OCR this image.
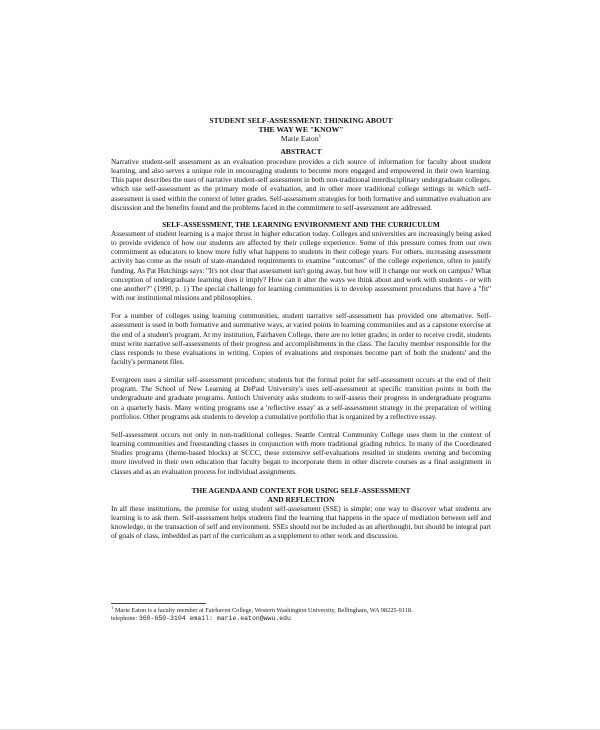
STUDENT SELF-ASSESSMENT: THINKING ABOUT
THE WAY WE "KNOW"
Marie Eaton$^1$
ABSTRACT

Narrative student-self assessment as an evaluation procedure provides a rich source of information for faculty about student learning, and also serves a unique role in encouraging students to become more engaged and empowered in their own learning. This paper describes the uses of narrative student-self assessment in both non-traditional interdisciplinary undergraduate colleges, which use self-assessment as the primary mode of evaluation, and in other more traditional college settings in which self-assessment is used within the context of letter grades. Self-assessment strategies for both formative and summative evaluation are discussion and the benefits found and the problems faced in the commitment to self-assessment are addressed.

SELF-ASSESSMENT, THE LEARNING ENVIRONMENT AND THE CURRICULUM

Assessment of student learning is a major thrust in higher education today. Colleges and universities are increasingly being asked to provide evidence of how our students are affected by their college experience. Some of this pressure comes from our own commitment as educators to know more fully what happens to students in their college years. For others, increasing assessment activity has come as the result of state-mandated requirements to examine "outcomes" of the college experience, often to justify funding. As Pat Hutchings says: "It's not clear that assessment isn't going away, but how will it change our work on campus? What conception of undergraduate learning does it imply? How can it alter the ways we think about and work with students - or with one another?" (1990, p. 1) The special challenge for learning communities is to develop assessment procedures that have a "fit" with our institutional missions and philosophies.

For a number of colleges using learning communities, student narrative self-assessment has provided one alternative. Self-assessment is used in both formative and summative ways, at varied points in learning communities and as a capstone exercise at the end of a student's program. At my institution, Fairhaven College, there are no letter grades; in order to receive credit, students must write narrative self-assessments of their progress and accomplishments in the class. The faculty member responsible for the class responds to these evaluations in writing. Copies of evaluations and responses become part of both the students' and the faculty's permanent files.

Evergreen uses a similar self-assessment procedure; students but the formal point for self-assessment occurs at the end of their program. The School of New Learning at DePaul University's uses self-assessment at specific transition points in both the undergraduate and graduate programs. Antioch University asks students to self-assess their progress in undergraduate programs on a quarterly basis. Many writing programs use a 'reflective essay' as a self-assessment strategy in the preparation of writing portfolios. Other programs ask students to develop a cumulative portfolio that is organized by a reflective essay.

Self-assessment occurs not only in non-traditional colleges. Seattle Central Community College uses them in the context of learning communities and freestanding classes in conjunction with more traditional grading rubrics. In many of the Coordinated Studies programs (theme-based blocks) at SCCC, these extensive self-evaluations resulted in students owning and becoming more involved in their own education that faculty began to incorporate them in other discrete courses as a final assignment in classes and as an evaluation process for individual assignments.

THE AGENDA AND CONTEXT FOR USING SELF-ASSESSMENT
AND REFLECTION

In all these institutions, the premise for using student self-assessment (SSE) is simple; one way to discover what students are learning is to ask them. Self-assessment helps students find the learning that happens in the space of mediation between self and knowledge, in the transaction of self and environment. SSEs should not be included as an afterthought, but should be integral part of goals of class, imbedded as part of the curriculum as a supplement to other work and discussion.

$^1$ Marie Eaton is a faculty member at Fairhaven College, Western Washington University, Bellingham, WA 98225-9118.
telephone: 360-650-3104 email: marie.eaton@wwu.edu
